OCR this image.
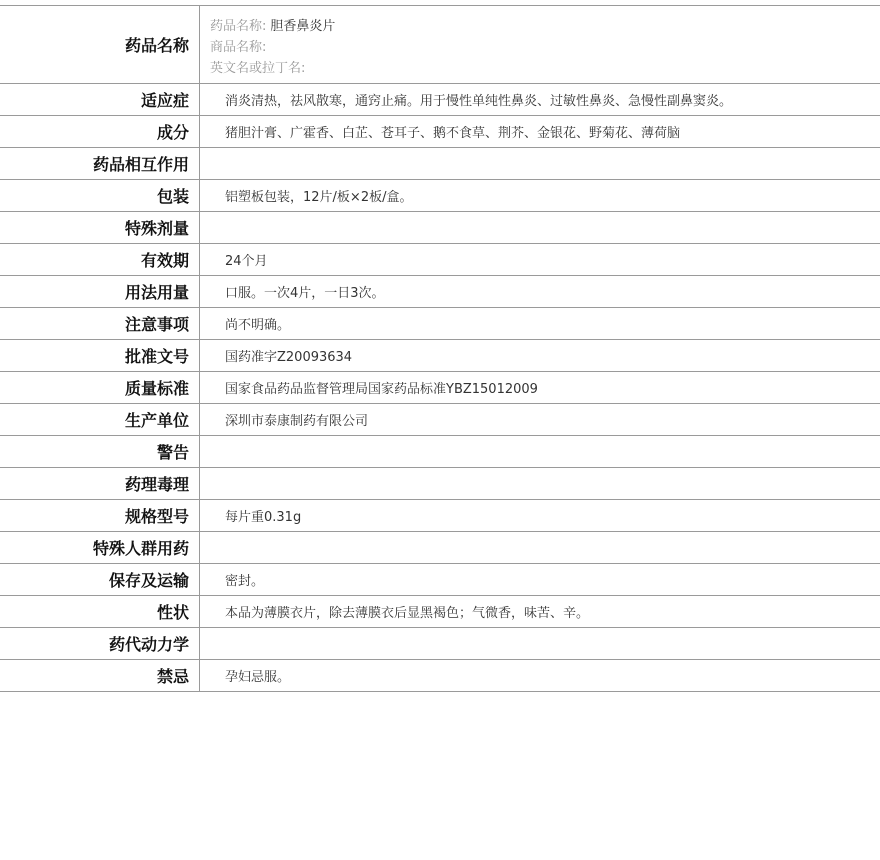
药品名称
药品名称: 胆香鼻炎片
商品名称:
英文名或拉丁名:
适应症	消炎清热，祛风散寒，通窍止痛。用于慢性单纯性鼻炎、过敏性鼻炎、急慢性副鼻窦炎。
成分	猪胆汁膏、广霍香、白芷、苍耳子、鹅不食草、荆芥、金银花、野菊花、薄荷脑
药品相互作用
包装	铝塑板包装，12片/板×2板/盒。
特殊剂量
有效期	24个月
用法用量	口服。一次4片，一日3次。
注意事项	尚不明确。
批准文号	国药准字Z20093634
质量标准	国家食品药品监督管理局国家药品标准YBZ15012009
生产单位	深圳市泰康制药有限公司
警告
药理毒理
规格型号	每片重0.31g
特殊人群用药
保存及运输	密封。
性状	本品为薄膜衣片，除去薄膜衣后显黑褐色；气微香，味苦、辛。
药代动力学
禁忌	孕妇忌服。
